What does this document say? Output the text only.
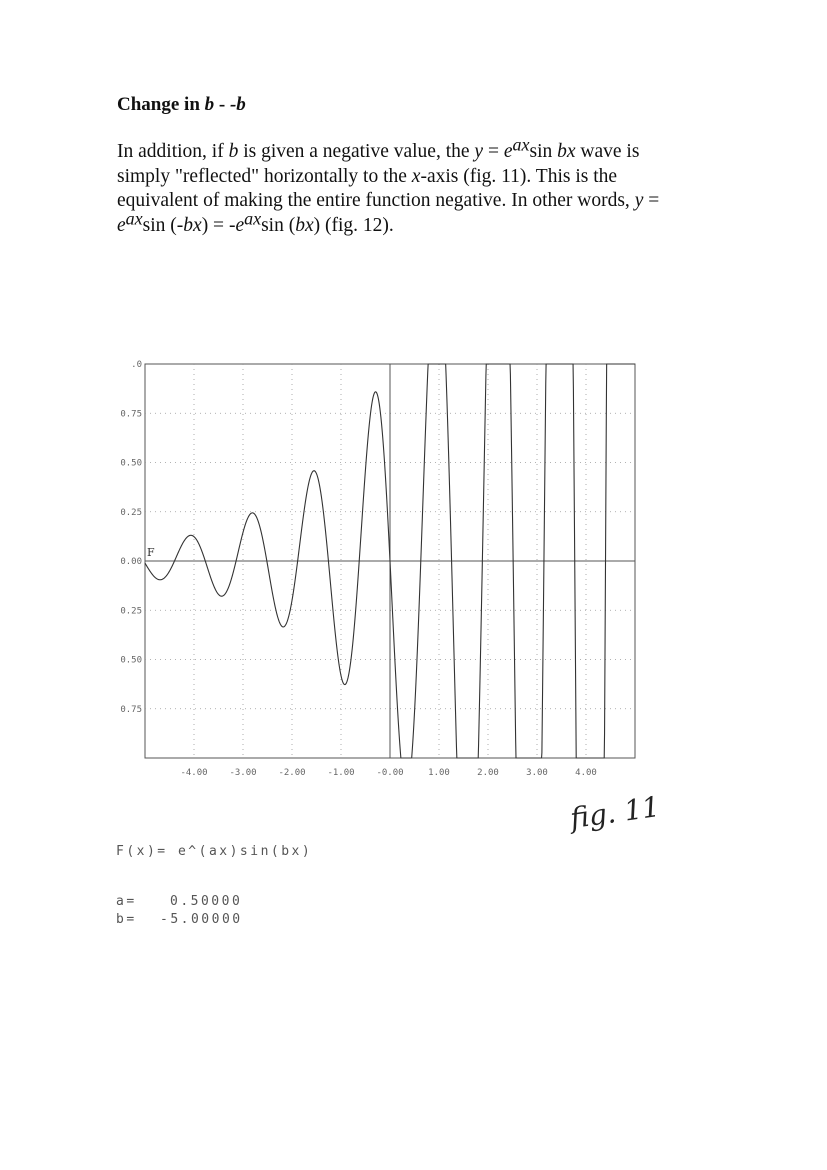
Change in b - -b
In addition, if b is given a negative value, the $y = e^{ax}\sin$ bx wave is simply "reflected" horizontally to the x-axis (fig. 11). This is the equivalent of making the entire function negative. In other words, $y = e^{ax}\sin$ $(-bx) = -e^{ax}\sin$ (bx) (fig. 12).
-4.00 -3.00 -2.00 -1.00 -0.00	1.00	2.00	3.00	4.00
.0
0.75
0.50
0.25
0.00
0.25
0.50
0.75
F
fig. 11
F(x)= e^(ax)sin(bx)
a=	0.50000
b= -5.00000
